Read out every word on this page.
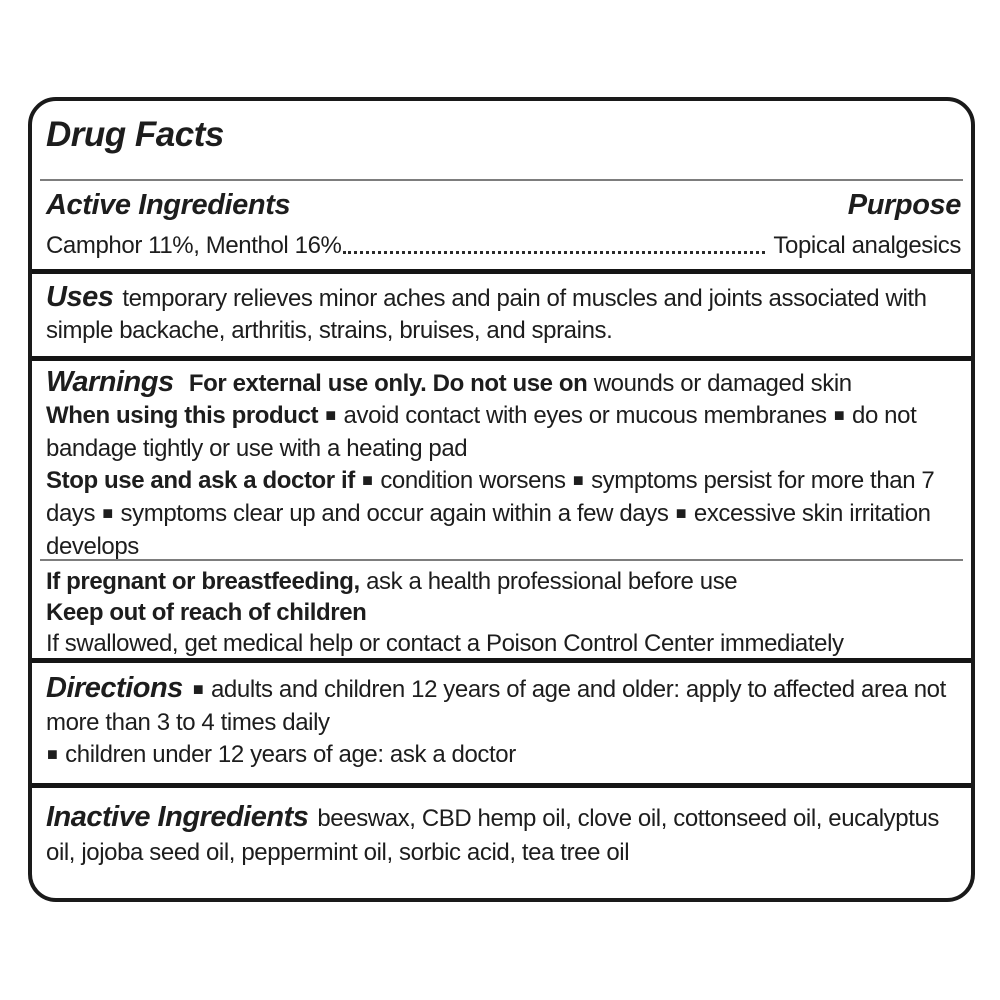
Drug Facts
Active Ingredients	Purpose
Camphor 11%, Menthol 16%	Topical analgesics

Uses temporary relieves minor aches and pain of muscles and joints associated with simple backache, arthritis, strains, bruises, and sprains.

Warnings For external use only. Do not use on wounds or damaged skin

When using this product ■ avoid contact with eyes or mucous membranes ■ do not bandage tightly or use with a heating pad

Stop use and ask a doctor if ■ condition worsens ■ symptoms persist for more than 7 days ■ symptoms clear up and occur again within a few days ■ excessive skin irritation develops

If pregnant or breastfeeding, ask a health professional before use

Keep out of reach of children

If swallowed, get medical help or contact a Poison Control Center immediately

Directions ■ adults and children 12 years of age and older: apply to affected area not more than 3 to 4 times daily

■ children under 12 years of age: ask a doctor

Inactive Ingredients beeswax, CBD hemp oil, clove oil, cottonseed oil, eucalyptus oil, jojoba seed oil, peppermint oil, sorbic acid, tea tree oil
